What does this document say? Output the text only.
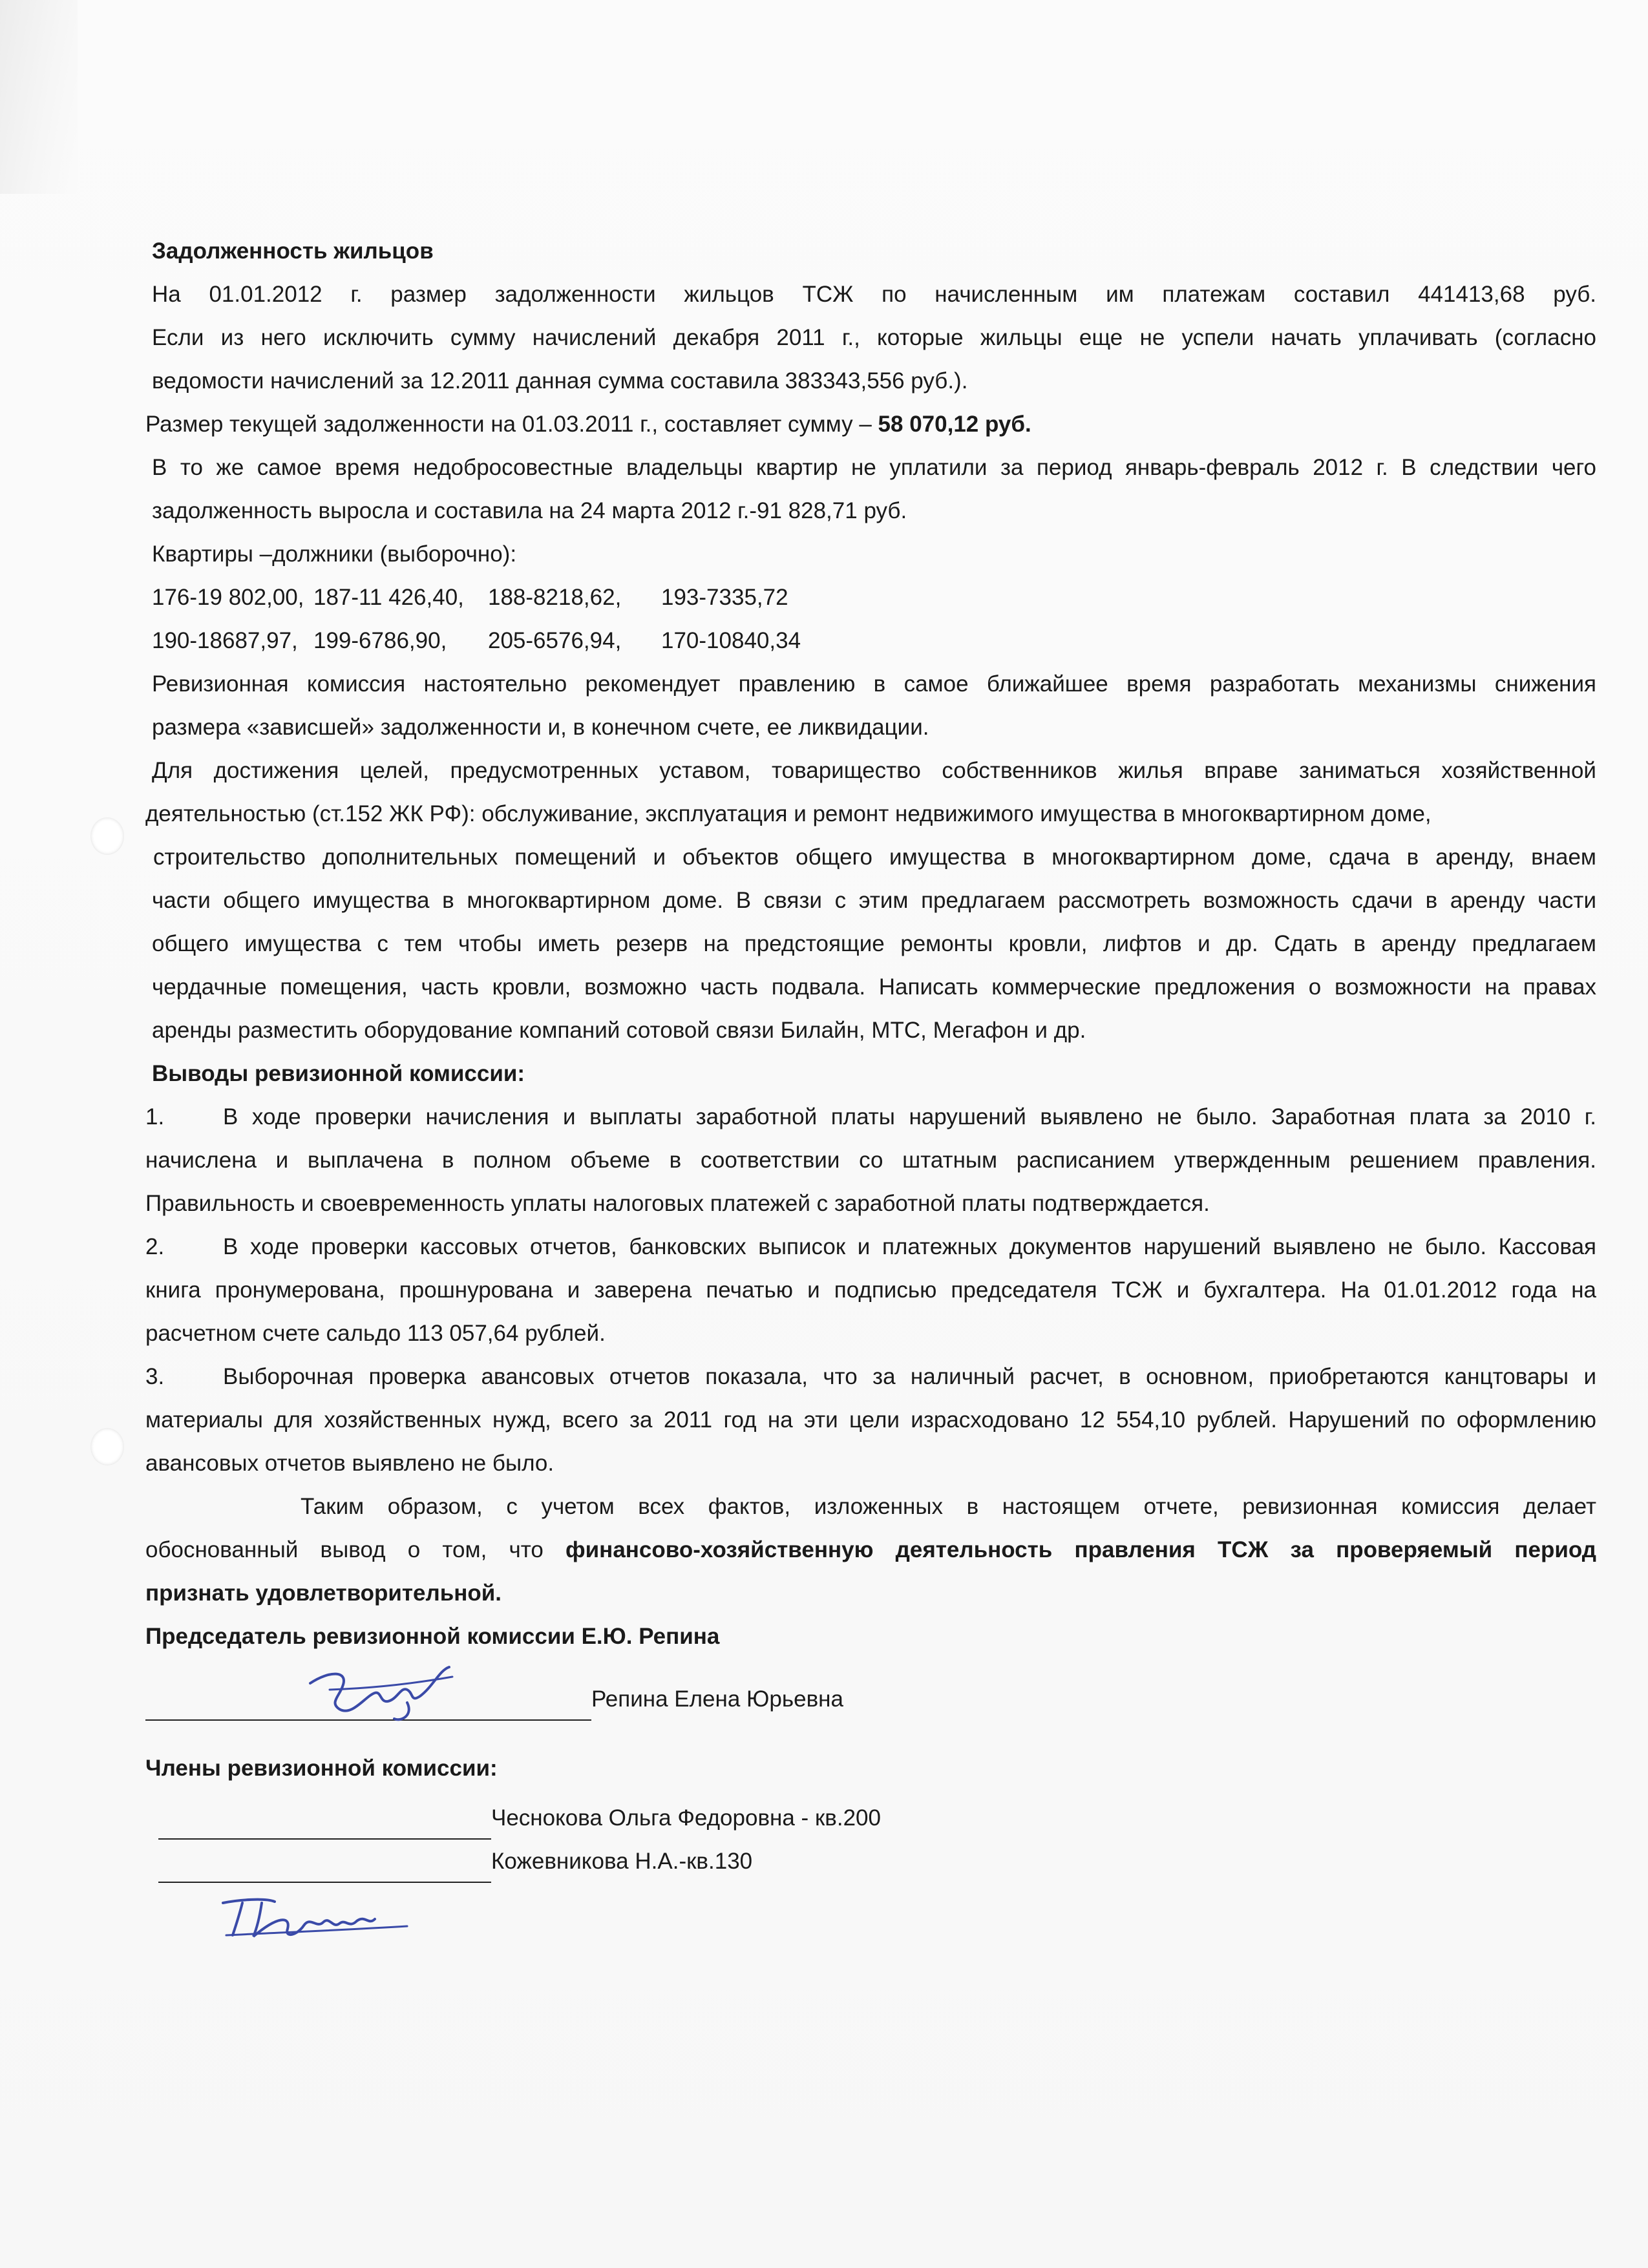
Задолженность жильцов
На 01.01.2012 г. размер задолженности жильцов ТСЖ по начисленным им платежам составил 441413,68 руб.
Если из него исключить сумму начислений декабря 2011 г., которые жильцы еще не успели начать уплачивать (согласно
ведомости начислений за 12.2011 данная сумма составила 383343,556 руб.).
Размер текущей задолженности на 01.03.2011 г., составляет сумму – 58 070,12 руб.
В то же самое время недобросовестные владельцы квартир не уплатили за период январь-февраль 2012 г. В следствии чего
задолженность выросла и составила на 24 марта 2012 г.-91 828,71 руб.
Квартиры –должники (выборочно):
176-19 802,00, 187-11 426,40, 188-8218,62, 193-7335,72
190-18687,97, 199-6786,90, 205-6576,94, 170-10840,34
Ревизионная комиссия настоятельно рекомендует правлению в самое ближайшее время разработать механизмы снижения
размера «зависшей» задолженности и, в конечном счете, ее ликвидации.
Для достижения целей, предусмотренных уставом, товарищество собственников жилья вправе заниматься хозяйственной
деятельностью (ст.152 ЖК РФ): обслуживание, эксплуатация и ремонт недвижимого имущества в многоквартирном доме,
строительство дополнительных помещений и объектов общего имущества в многоквартирном доме, сдача в аренду, внаем
части общего имущества в многоквартирном доме. В связи с этим предлагаем рассмотреть возможность сдачи в аренду части
общего имущества с тем чтобы иметь резерв на предстоящие ремонты кровли, лифтов и др. Сдать в аренду предлагаем
чердачные помещения, часть кровли, возможно часть подвала. Написать коммерческие предложения о возможности на правах
аренды разместить оборудование компаний сотовой связи Билайн, МТС, Мегафон и др.
Выводы ревизионной комиссии:
1.	В ходе проверки начисления и выплаты заработной платы нарушений выявлено не было. Заработная плата за 2010 г.
начислена и выплачена в полном объеме в соответствии со штатным расписанием утвержденным решением правления.
Правильность и своевременность уплаты налоговых платежей с заработной платы подтверждается.
2.	В ходе проверки кассовых отчетов, банковских выписок и платежных документов нарушений выявлено не было. Кассовая
книга пронумерована, прошнурована и заверена печатью и подписью председателя ТСЖ и бухгалтера. На 01.01.2012 года на
расчетном счете сальдо 113 057,64 рублей.
3.	Выборочная проверка авансовых отчетов показала, что за наличный расчет, в основном, приобретаются канцтовары и
материалы для хозяйственных нужд, всего за 2011 год на эти цели израсходовано 12 554,10 рублей. Нарушений по оформлению
авансовых отчетов выявлено не было.
Таким образом, с учетом всех фактов, изложенных в настоящем отчете, ревизионная комиссия делает
обоснованный вывод о том, что финансово-хозяйственную деятельность правления ТСЖ за проверяемый период
признать удовлетворительной.
Председатель ревизионной комиссии Е.Ю. Репина
Репина Елена Юрьевна
Члены ревизионной комиссии:
Чеснокова Ольга Федоровна - кв.200
Кожевникова Н.А.-кв.130
